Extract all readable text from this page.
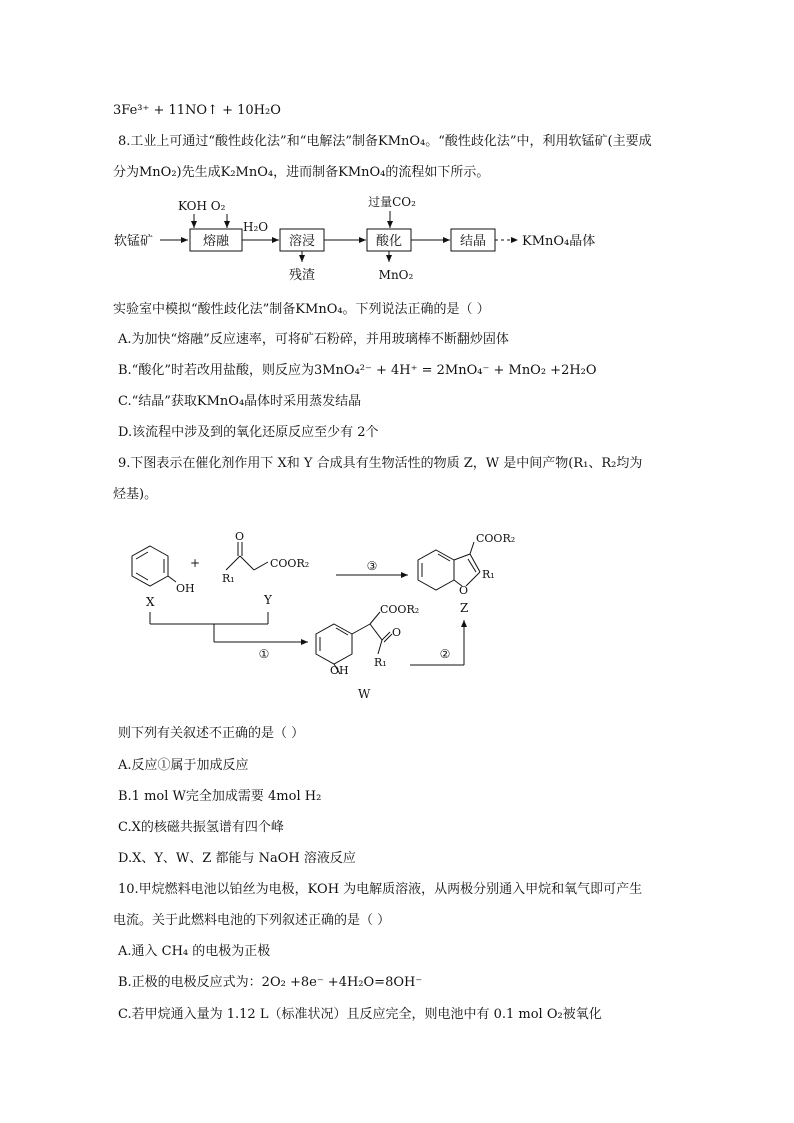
3Fe³⁺ + 11NO↑ + 10H₂O
8.工业上可通过“酸性歧化法”和“电解法”制备KMnO₄。“酸性歧化法”中，利用软锰矿(主要成
分为MnO₂)先生成K₂MnO₄，进而制备KMnO₄的流程如下所示。
软锰矿
KOH O₂
熔融
H₂O
溶浸
残渣
过量CO₂
酸化
MnO₂
结晶	KMnO₄晶体
实验室中模拟“酸性歧化法”制备KMnO₄。下列说法正确的是（ ）
A.为加快“熔融”反应速率，可将矿石粉碎，并用玻璃棒不断翻炒固体
B.“酸化”时若改用盐酸，则反应为3MnO₄²⁻ + 4H⁺ = 2MnO₄⁻ + MnO₂ +2H₂O
C.“结晶”获取KMnO₄晶体时采用蒸发结晶
D.该流程中涉及到的氧化还原反应至少有 2个
9.下图表示在催化剂作用下 X和 Y 合成具有生物活性的物质 Z，W 是中间产物(R₁、R₂均为
烃基)。
OH
X
+
O
R₁
COOR₂
Y
③
COOR₂
R₁
O
Z
①
COOR₂
O
R₁
OH
W
②
则下列有关叙述不正确的是（ ）
A.反应①属于加成反应
B.1 mol W完全加成需要 4mol H₂
C.X的核磁共振氢谱有四个峰
D.X、Y、W、Z 都能与 NaOH 溶液反应
10.甲烷燃料电池以铂丝为电极，KOH 为电解质溶液，从两极分别通入甲烷和氧气即可产生
电流。关于此燃料电池的下列叙述正确的是（ ）
A.通入 CH₄ 的电极为正极
B.正极的电极反应式为：2O₂ +8e⁻ +4H₂O=8OH⁻
C.若甲烷通入量为 1.12 L（标准状况）且反应完全，则电池中有 0.1 mol O₂被氧化
